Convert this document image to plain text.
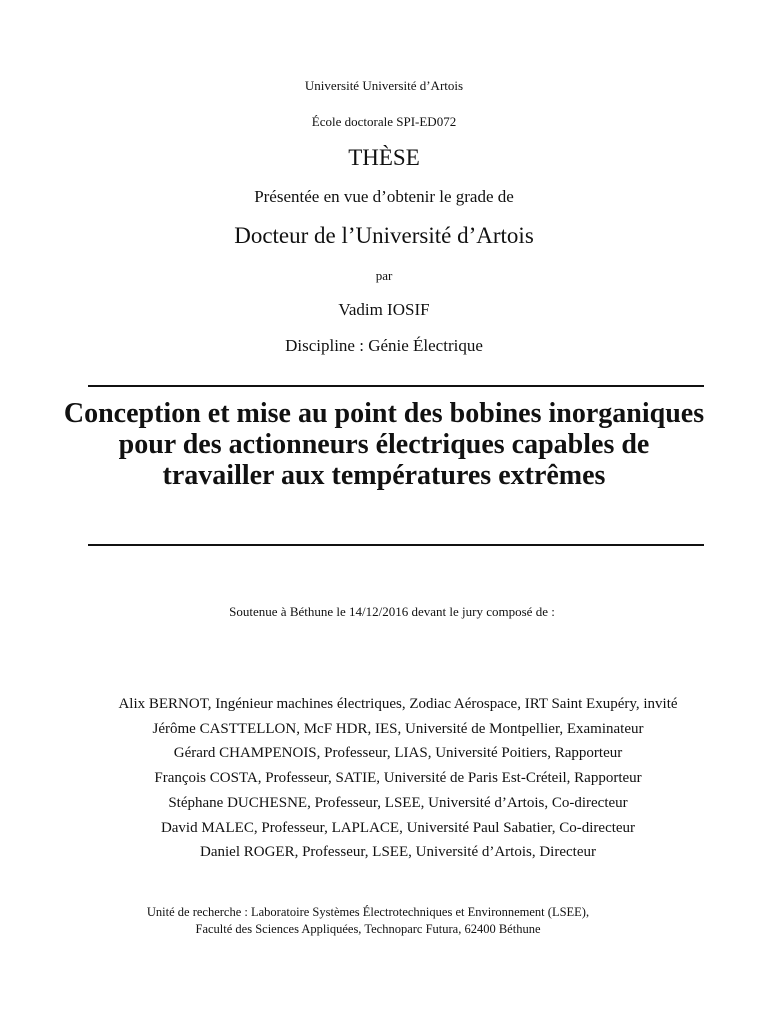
Université Université d’Artois
École doctorale SPI-ED072
THÈSE
Présentée en vue d’obtenir le grade de
Docteur de l’Université d’Artois
par
Vadim IOSIF
Discipline : Génie Électrique
Conception et mise au point des bobines inorganiques pour des actionneurs électriques capables de travailler aux températures extrêmes
Soutenue à Béthune le 14/12/2016 devant le jury composé de :
Alix BERNOT, Ingénieur machines électriques, Zodiac Aérospace, IRT Saint Exupéry, invité
Jérôme CASTTELLON, McF HDR, IES, Université de Montpellier, Examinateur
Gérard CHAMPENOIS, Professeur, LIAS, Université Poitiers, Rapporteur
François COSTA, Professeur, SATIE, Université de Paris Est-Créteil, Rapporteur
Stéphane DUCHESNE, Professeur, LSEE, Université d’Artois, Co-directeur
David MALEC, Professeur, LAPLACE, Université Paul Sabatier, Co-directeur
Daniel ROGER, Professeur, LSEE, Université d’Artois, Directeur
Unité de recherche : Laboratoire Systèmes Électrotechniques et Environnement (LSEE),
Faculté des Sciences Appliquées, Technoparc Futura, 62400 Béthune
